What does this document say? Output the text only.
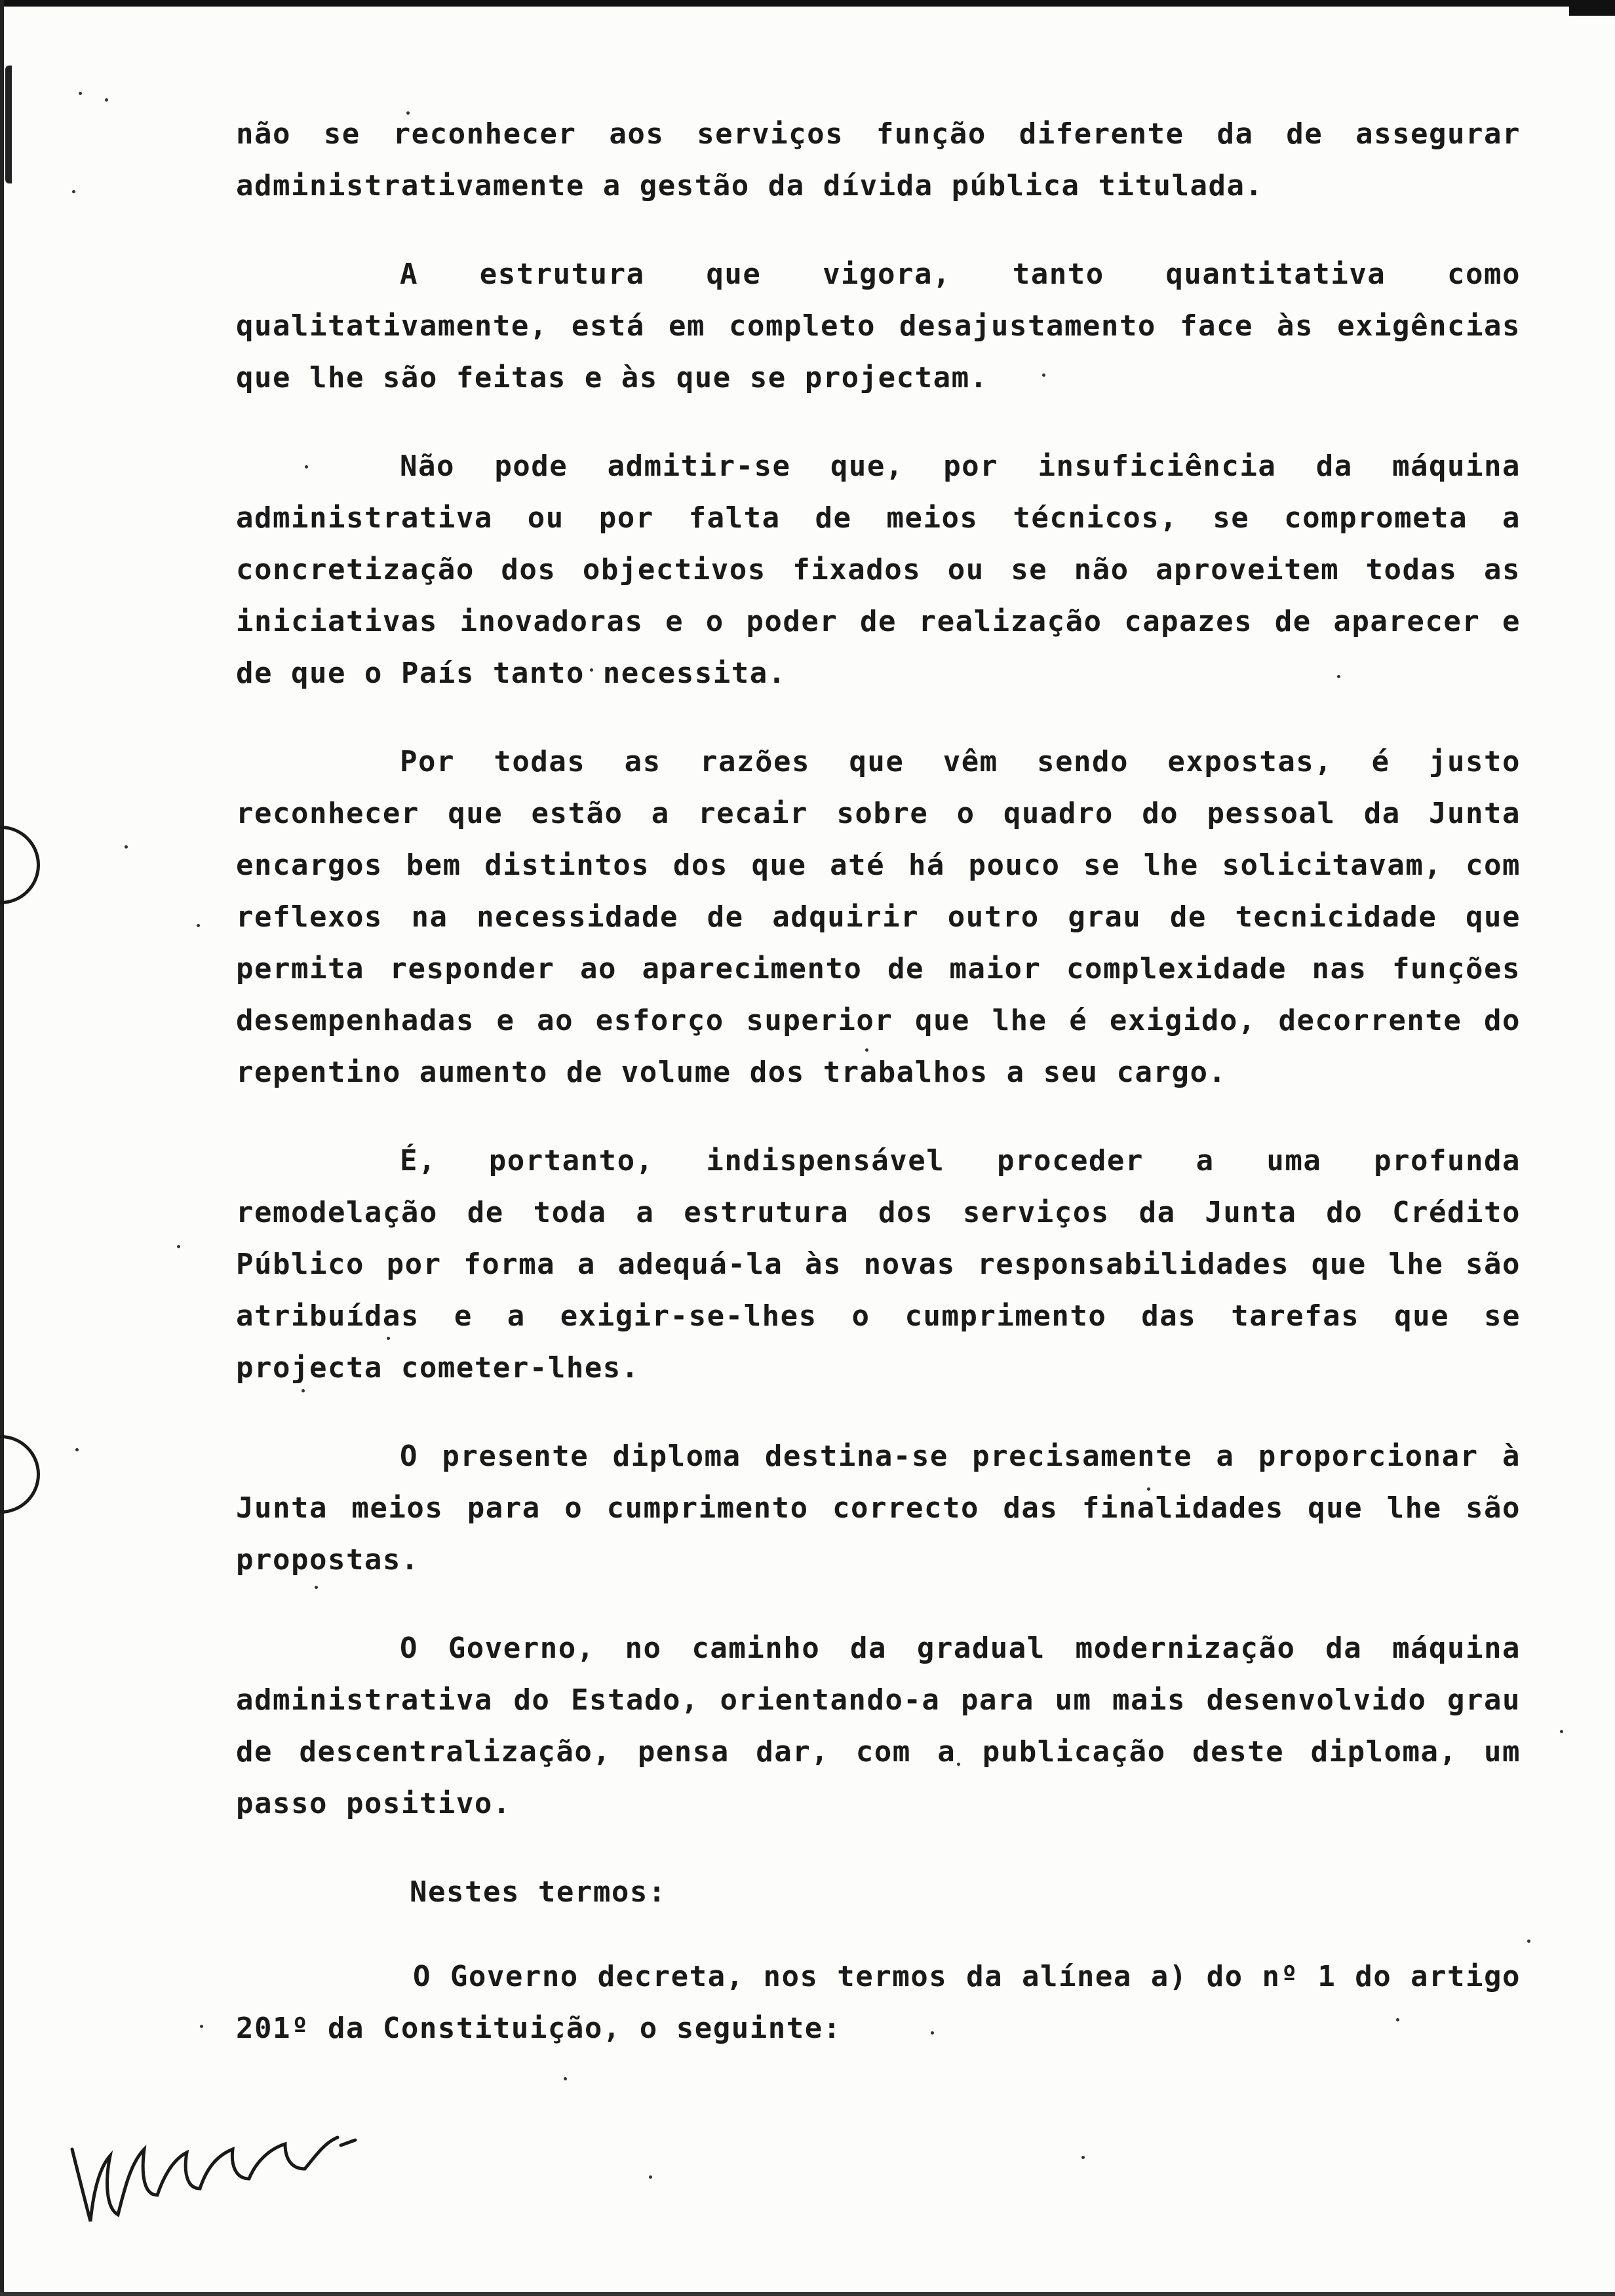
não se reconhecer aos serviços função diferente da de assegurar administrativamente a gestão da dívida pública titulada.

A estrutura que vigora, tanto quantitativa como qualitativamente, está em completo desajustamento face às exigências que lhe são feitas e às que se projectam.

Não pode admitir-se que, por insuficiência da máquina administrativa ou por falta de meios técnicos, se comprometa a concretização dos objectivos fixados ou se não aproveitem todas as iniciativas inovadoras e o poder de realização capazes de aparecer e de que o País tanto necessita.

Por todas as razões que vêm sendo expostas, é justo reconhecer que estão a recair sobre o quadro do pessoal da Junta encargos bem distintos dos que até há pouco se lhe solicitavam, com reflexos na necessidade de adquirir outro grau de tecnicidade que permita responder ao aparecimento de maior complexidade nas funções desempenhadas e ao esforço superior que lhe é exigido, decorrente do repentino aumento de volume dos trabalhos a seu cargo.

É, portanto, indispensável proceder a uma profunda remodelação de toda a estrutura dos serviços da Junta do Crédito Público por forma a adequá-la às novas responsabilidades que lhe são atribuídas e a exigir-se-lhes o cumprimento das tarefas que se projecta cometer-lhes.

O presente diploma destina-se precisamente a proporcionar à Junta meios para o cumprimento correcto das finalidades que lhe são propostas.

O Governo, no caminho da gradual modernização da máquina administrativa do Estado, orientando-a para um mais desenvolvido grau de descentralização, pensa dar, com a publicação deste diploma, um passo positivo.

Nestes termos:

O Governo decreta, nos termos da alínea a) do nº 1 do artigo 201º da Constituição, o seguinte:
